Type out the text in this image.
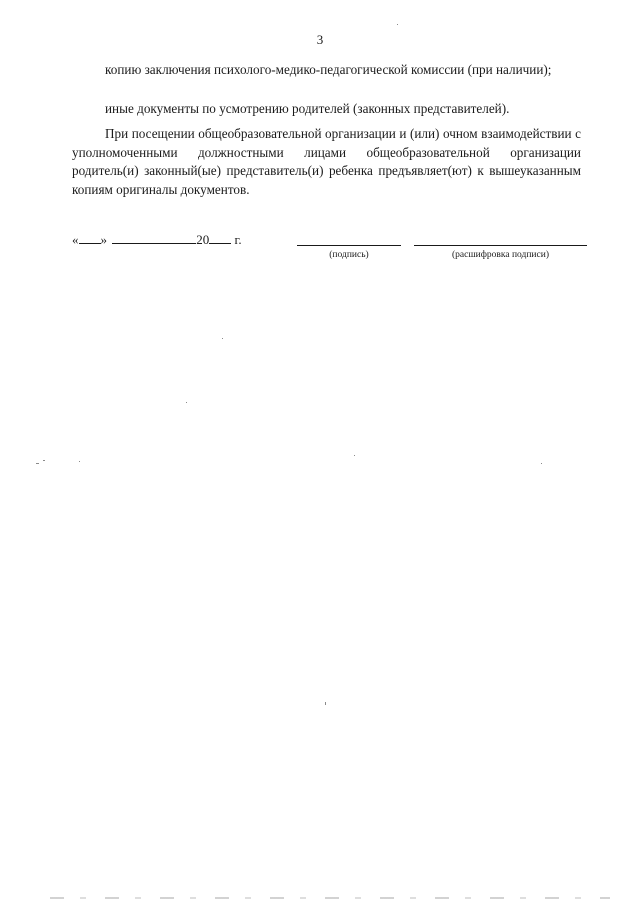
3

копию заключения психолого-медико-педагогической комиссии (при наличии);

иные документы по усмотрению родителей (законных представителей).

При посещении общеобразовательной организации и (или) очном взаимодействии с уполномоченными должностными лицами общеобразовательной организации родитель(и) законный(ые) представитель(и) ребенка предъявляет(ют) к вышеуказанным копиям оригиналы документов.

« »	20 г.
(подпись)	(расшифровка подписи)
